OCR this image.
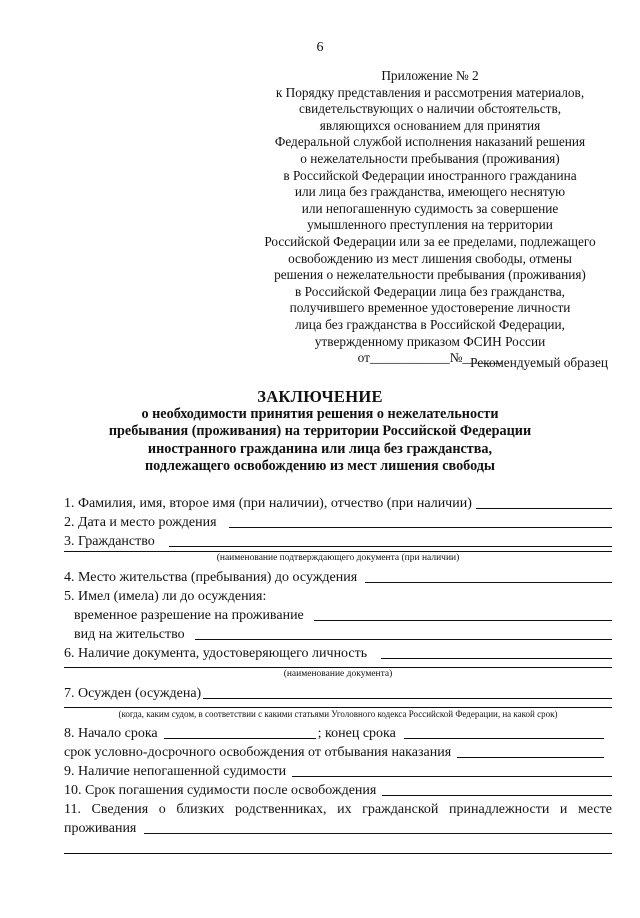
6
Приложение № 2
к Порядку представления и рассмотрения материалов,
свидетельствующих о наличии обстоятельств,
являющихся основанием для принятия
Федеральной службой исполнения наказаний решения
о нежелательности пребывания (проживания)
в Российской Федерации иностранного гражданина
или лица без гражданства, имеющего неснятую
или непогашенную судимость за совершение
умышленного преступления на территории
Российской Федерации или за ее пределами, подлежащего
освобождению из мест лишения свободы, отмены
решения о нежелательности пребывания (проживания)
в Российской Федерации лица без гражданства,
получившего временное удостоверение личности
лица без гражданства в Российской Федерации,
утвержденному приказом ФСИН России
от____________№______
Рекомендуемый образец
ЗАКЛЮЧЕНИЕ
о необходимости принятия решения о нежелательности
пребывания (проживания) на территории Российской Федерации
иностранного гражданина или лица без гражданства,
подлежащего освобождению из мест лишения свободы
1. Фамилия, имя, второе имя (при наличии), отчество (при наличии)
2. Дата и место рождения
3. Гражданство
(наименование подтверждающего документа (при наличии)
4. Место жительства (пребывания) до осуждения
5. Имел (имела) ли до осуждения:
временное разрешение на проживание
вид на жительство
6. Наличие документа, удостоверяющего личность
(наименование документа)
7. Осужден (осуждена)
(когда, каким судом, в соответствии с какими статьями Уголовного кодекса Российской Федерации, на какой срок)
8. Начало срока	; конец срока
срок условно-досрочного освобождения от отбывания наказания
9. Наличие непогашенной судимости
10. Срок погашения судимости после освобождения
11. Сведения о близких родственниках, их гражданской принадлежности и месте
проживания
